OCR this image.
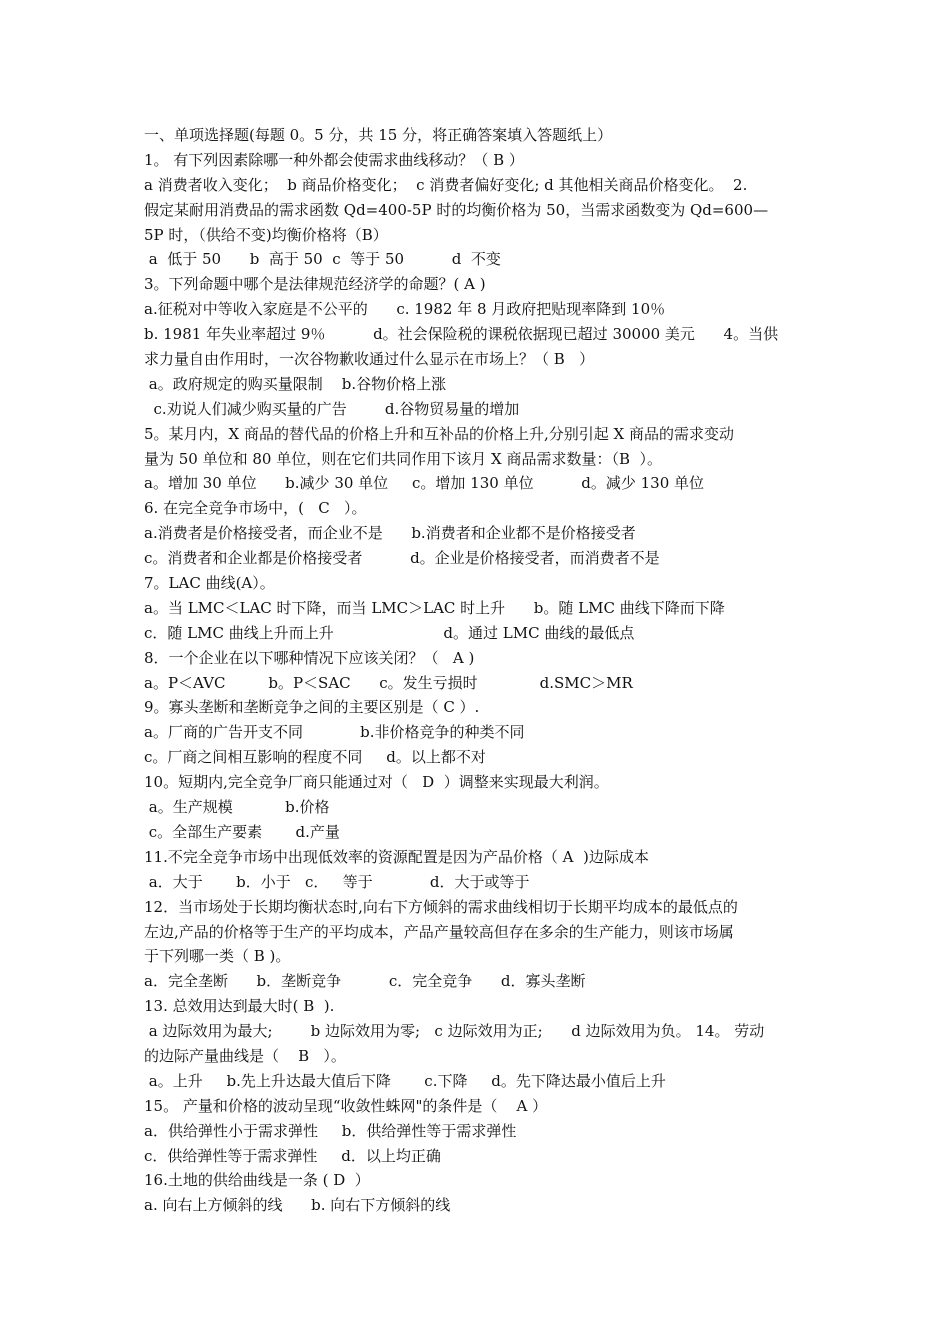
一、单项选择题(每题 0。5 分，共 15 分，将正确答案填入答题纸上）
1。 有下列因素除哪一种外都会使需求曲线移动？（ B ）
a 消费者收入变化；  b 商品价格变化；  c 消费者偏好变化; d 其他相关商品价格变化。  2.
假定某耐用消费品的需求函数 Qd=400-5P 时的均衡价格为 50，当需求函数变为 Qd=600—
5P 时，（供给不变)均衡价格将（B）
a  低于 50      b  高于 50  c  等于 50          d  不变
3。下列命题中哪个是法律规范经济学的命题？( A )
a.征税对中等收入家庭是不公平的      c. 1982 年 8 月政府把贴现率降到 10％
b. 1981 年失业率超过 9％          d。社会保险税的课税依据现已超过 30000 美元      4。当供
求力量自由作用时，一次谷物歉收通过什么显示在市场上？（ B   ）
a。政府规定的购买量限制    b.谷物价格上涨
c.劝说人们减少购买量的广告        d.谷物贸易量的增加
5。某月内，X 商品的替代品的价格上升和互补品的价格上升,分别引起 X 商品的需求变动
量为 50 单位和 80 单位，则在它们共同作用下该月 X 商品需求数量：（B  ）。
a。增加 30 单位      b.减少 30 单位     c。增加 130 单位          d。减少 130 单位
6. 在完全竞争市场中，(   C   ）。
a.消费者是价格接受者，而企业不是      b.消费者和企业都不是价格接受者
c。消费者和企业都是价格接受者          d。企业是价格接受者，而消费者不是
7。LAC 曲线(A）。
a。当 LMC＜LAC 时下降，而当 LMC＞LAC 时上升      b。随 LMC 曲线下降而下降
c．随 LMC 曲线上升而上升                       d。通过 LMC 曲线的最低点
8．一个企业在以下哪种情况下应该关闭？（   A )
a。P＜AVC         b。P＜SAC      c。发生亏损时             d.SMC＞MR
9。寡头垄断和垄断竞争之间的主要区别是（ C ）.
a。厂商的广告开支不同            b.非价格竞争的种类不同
c。厂商之间相互影响的程度不同     d。以上都不对
10。短期内,完全竞争厂商只能通过对（   D  ）调整来实现最大利润。
a。生产规模           b.价格
c。全部生产要素       d.产量
11.不完全竞争市场中出现低效率的资源配置是因为产品价格（ A  )边际成本
a．大于       b．小于   c．   等于            d．大于或等于
12．当市场处于长期均衡状态时,向右下方倾斜的需求曲线相切于长期平均成本的最低点的
左边,产品的价格等于生产的平均成本，产品产量较高但存在多余的生产能力，则该市场属
于下列哪一类（ B )。
a．完全垄断      b．垄断竞争          c．完全竞争      d．寡头垄断
13. 总效用达到最大时( B  ).
a 边际效用为最大;        b 边际效用为零;   c 边际效用为正;      d 边际效用为负。 14。 劳动
的边际产量曲线是（    B   ）。
a。上升     b.先上升达最大值后下降       c.下降     d。先下降达最小值后上升
15。 产量和价格的波动呈现“收敛性蛛网"的条件是（    A ）
a．供给弹性小于需求弹性     b．供给弹性等于需求弹性
c．供给弹性等于需求弹性     d．以上均正确
16.土地的供给曲线是一条 ( D  ）
a. 向右上方倾斜的线      b. 向右下方倾斜的线
